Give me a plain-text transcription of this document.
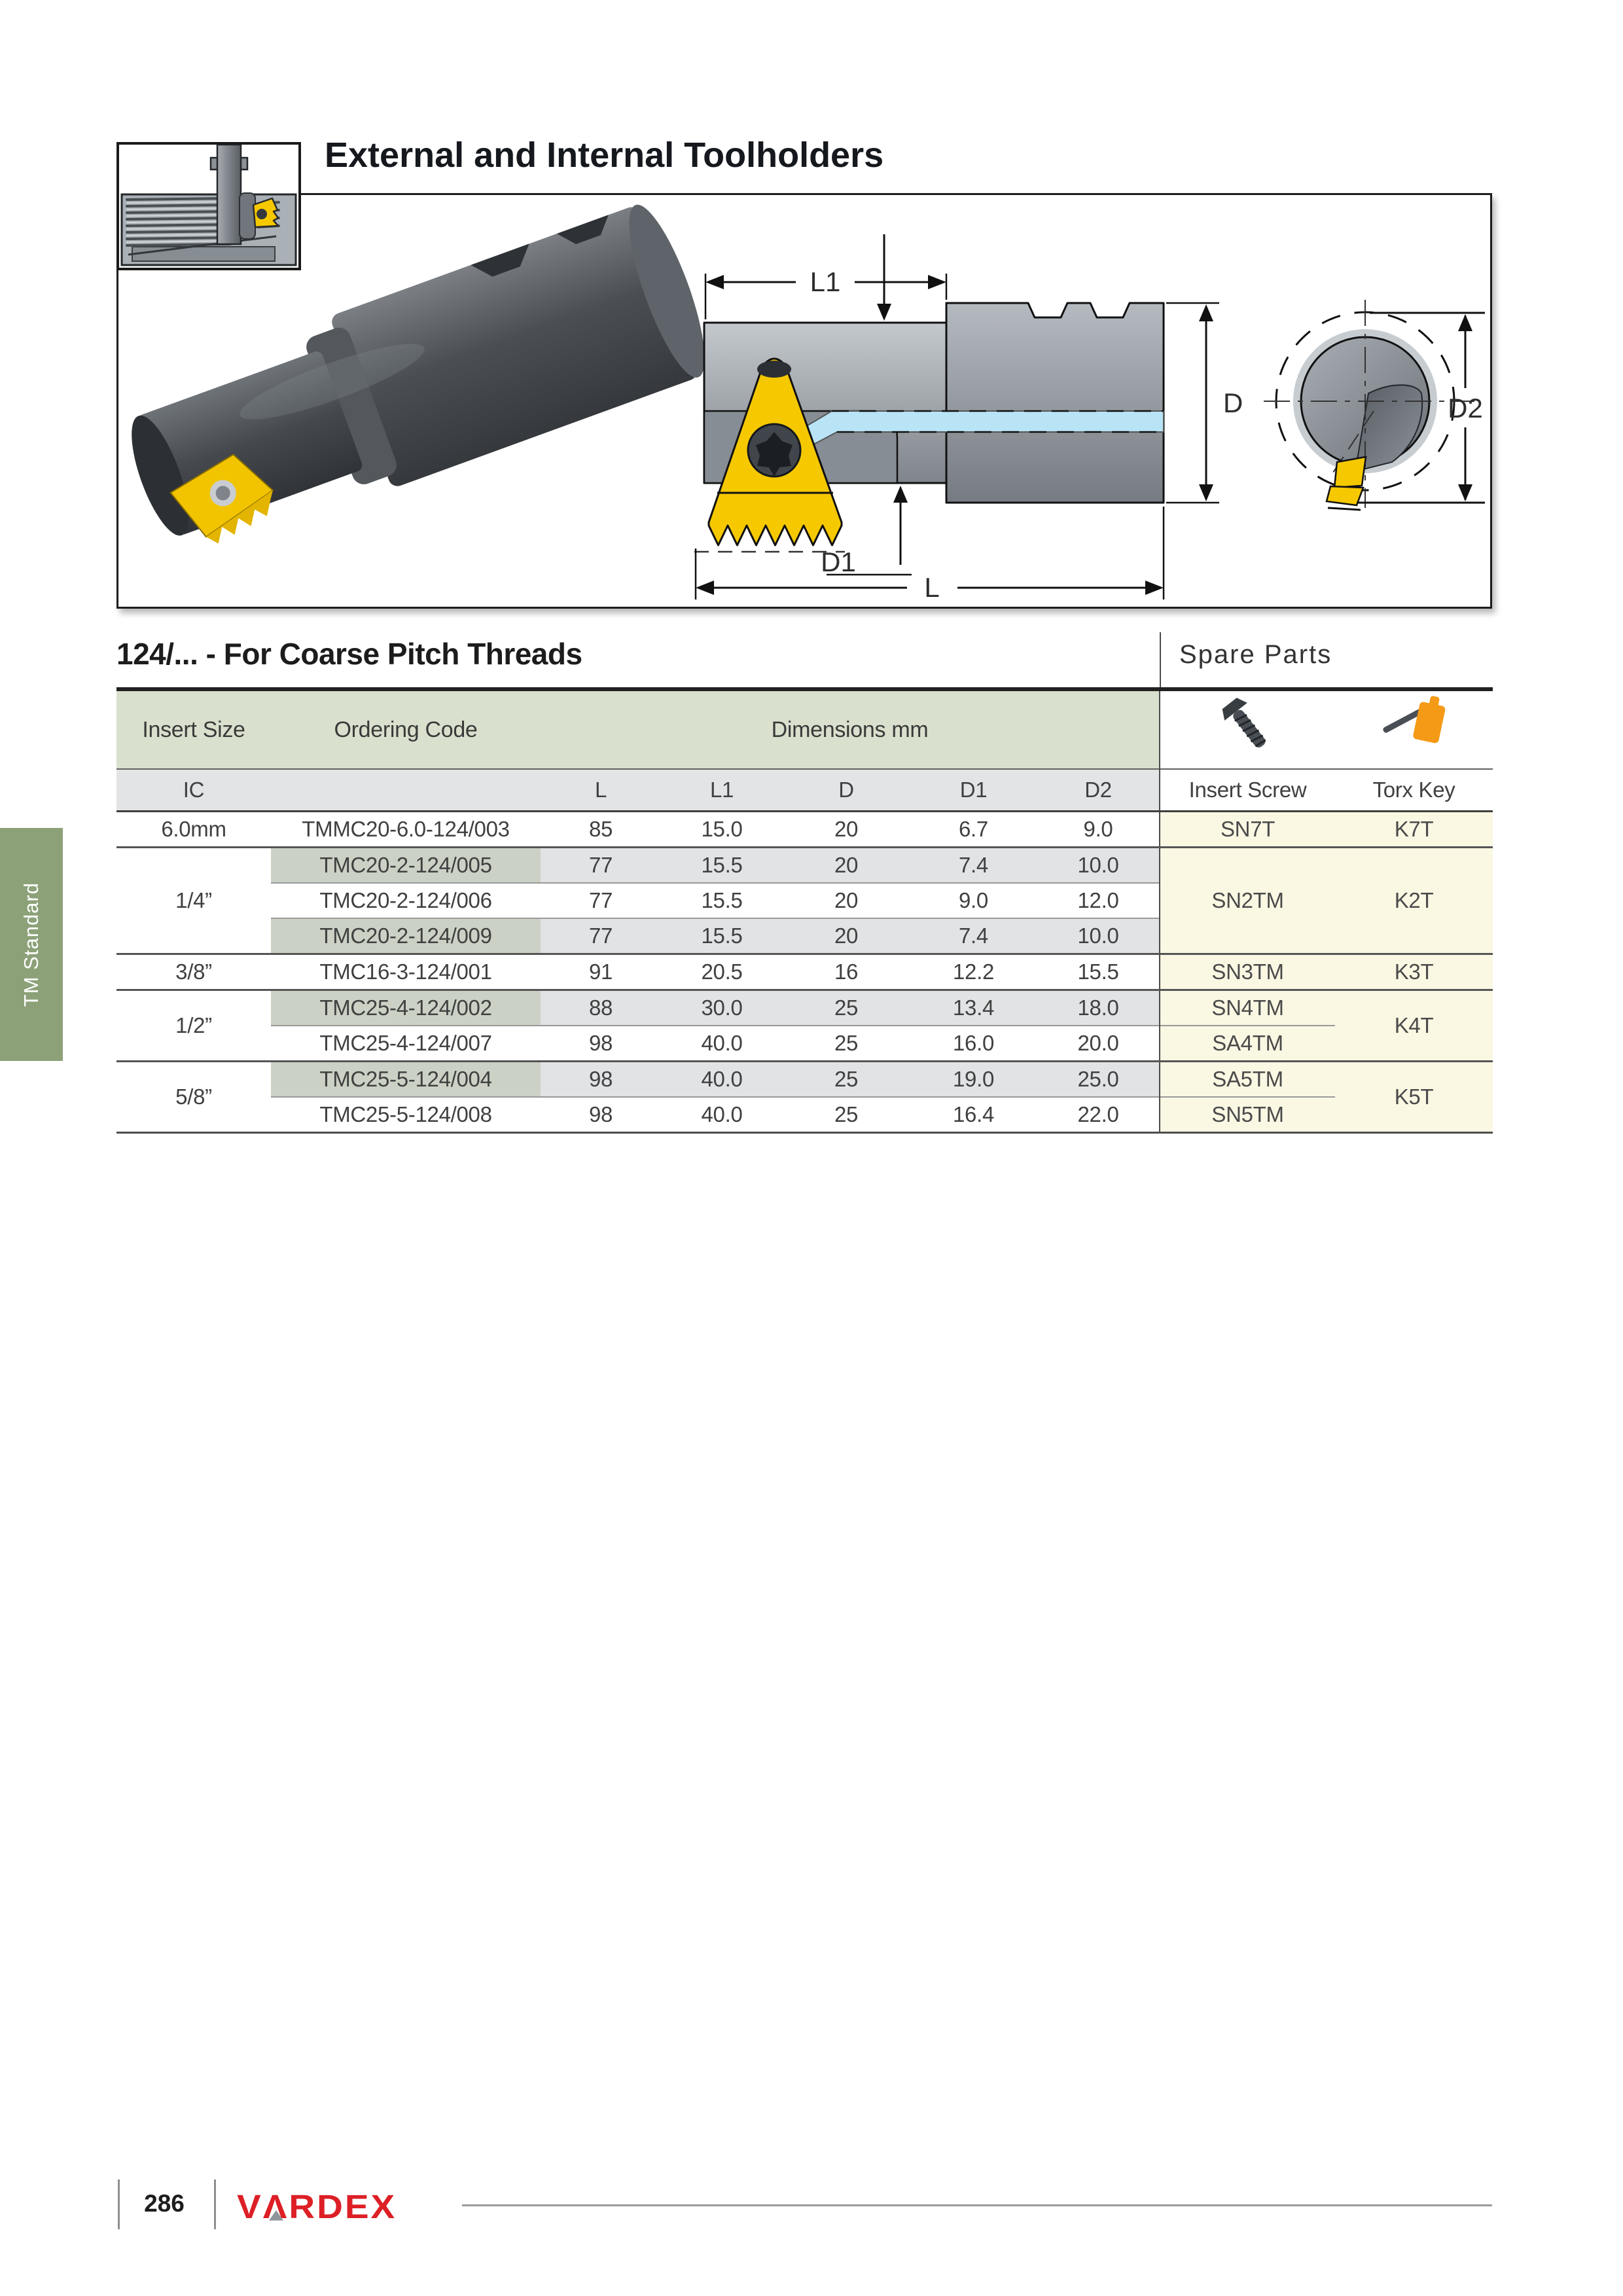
External and Internal Toolholders
L1
D
D1
L
D2
124/... - For Coarse Pitch Threads	Spare Parts
Insert Size	Ordering Code	Dimensions mm		
IC		L	L1	D	D1	D2	Insert Screw	Torx Key
6.0mm	TMMC20-6.0-124/003	85	15.0	20	6.7	9.0	SN7T	K7T
1/4”	TMC20-2-124/005	77	15.5	20	7.4	10.0	SN2TM	K2T
	TMC20-2-124/006	77	15.5	20	9.0	12.0		
	TMC20-2-124/009	77	15.5	20	7.4	10.0		
3/8”	TMC16-3-124/001	91	20.5	16	12.2	15.5	SN3TM	K3T
1/2”	TMC25-4-124/002	88	30.0	25	13.4	18.0	SN4TM	K4T
	TMC25-4-124/007	98	40.0	25	16.0	20.0	SA4TM	
5/8”	TMC25-5-124/004	98	40.0	25	19.0	25.0	SA5TM	K5T
	TMC25-5-124/008	98	40.0	25	16.4	22.0	SN5TM	
TM Standard
286	VΛ
RDEX
